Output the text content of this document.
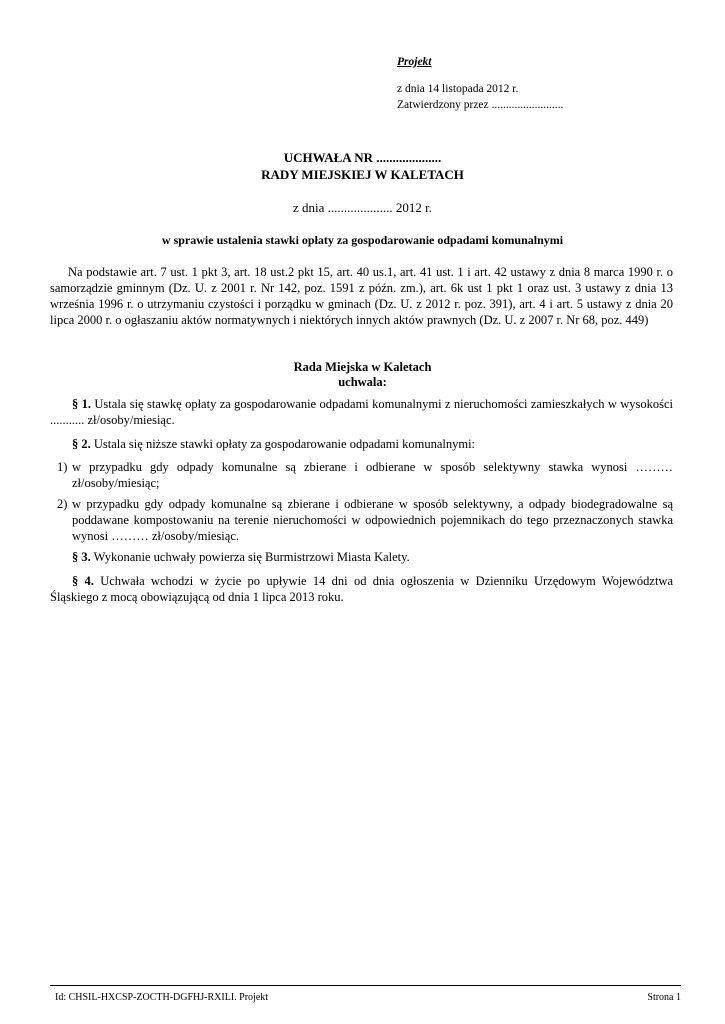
Projekt
z dnia 14 listopada 2012 r.
Zatwierdzony przez .........................
UCHWAŁA NR ....................
RADY MIEJSKIEJ W KALETACH
z dnia .................... 2012 r.
w sprawie ustalenia stawki opłaty za gospodarowanie odpadami komunalnymi
Na podstawie art. 7 ust. 1 pkt 3, art. 18 ust.2 pkt 15, art. 40 us.1, art. 41 ust. 1 i art. 42 ustawy z dnia 8 marca 1990 r. o samorządzie gminnym (Dz. U. z 2001 r. Nr 142, poz. 1591 z późn. zm.), art. 6k ust 1 pkt 1 oraz ust. 3 ustawy z dnia 13 września 1996 r. o utrzymaniu czystości i porządku w gminach (Dz. U. z 2012 r. poz. 391), art. 4 i art. 5 ustawy z dnia 20 lipca 2000 r. o ogłaszaniu aktów normatywnych i niektórych innych aktów prawnych (Dz. U. z 2007 r. Nr 68, poz. 449)
Rada Miejska w Kaletach
uchwala:
§ 1. Ustala się stawkę opłaty za gospodarowanie odpadami komunalnymi z nieruchomości zamieszkałych w wysokości ........... zł/osoby/miesiąc.
§ 2. Ustala się niższe stawki opłaty za gospodarowanie odpadami komunalnymi:
1) w przypadku gdy odpady komunalne są zbierane i odbierane w sposób selektywny stawka wynosi ……… zł/osoby/miesiąc;
2) w przypadku gdy odpady komunalne są zbierane i odbierane w sposób selektywny, a odpady biodegradowalne są poddawane kompostowaniu na terenie nieruchomości w odpowiednich pojemnikach do tego przeznaczonych stawka wynosi ……… zł/osoby/miesiąc.
§ 3. Wykonanie uchwały powierza się Burmistrzowi Miasta Kalety.
§ 4. Uchwała wchodzi w życie po upływie 14 dni od dnia ogłoszenia w Dzienniku Urzędowym Województwa Śląskiego z mocą obowiązującą od dnia 1 lipca 2013 roku.
Id: CHSIL-HXCSP-ZOCTH-DGFHJ-RXILI. Projekt	Strona 1
